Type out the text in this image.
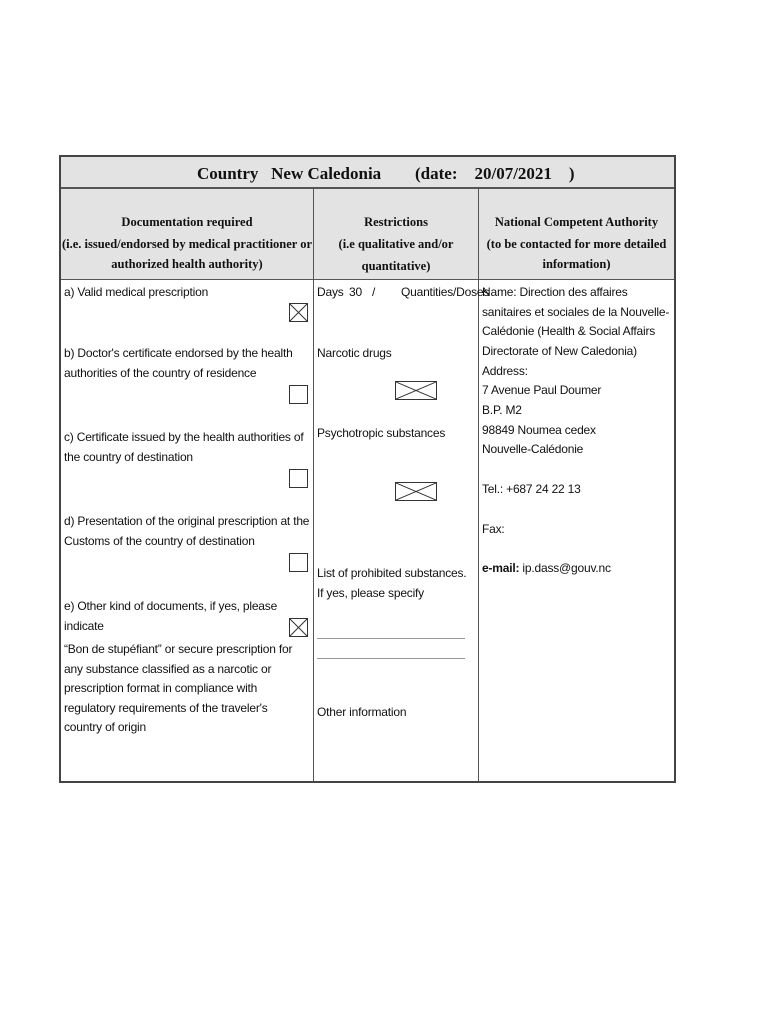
Country   New Caledonia (date:    20/07/2021    )
Documentation required
(i.e. issued/endorsed by medical practitioner or
authorized health authority)
Restrictions
(i.e qualitative and/or quantitative)
National Competent Authority
(to be contacted for more detailed
information)
a) Valid medical prescription
b) Doctor's certificate endorsed by the health authorities of the country of residence
c) Certificate issued by the health authorities of the country of destination
d) Presentation of the original prescription at the Customs of the country of destination
e) Other kind of documents, if yes, please indicate
“Bon de stupéfiant” or secure prescription for any substance classified as a narcotic or prescription format in compliance with regulatory requirements of the traveler's country of origin
Days 30 / Quantities/Doses
Narcotic drugs
Psychotropic substances
List of prohibited substances. If yes, please specify
Other information
Name: Direction des affaires sanitaires et sociales de la Nouvelle-Calédonie (Health & Social Affairs Directorate of New Caledonia)
Address:
7 Avenue Paul Doumer
B.P. M2
98849 Noumea cedex
Nouvelle-Calédonie
Tel.: +687 24 22 13
Fax:
e-mail: ip.dass@gouv.nc
